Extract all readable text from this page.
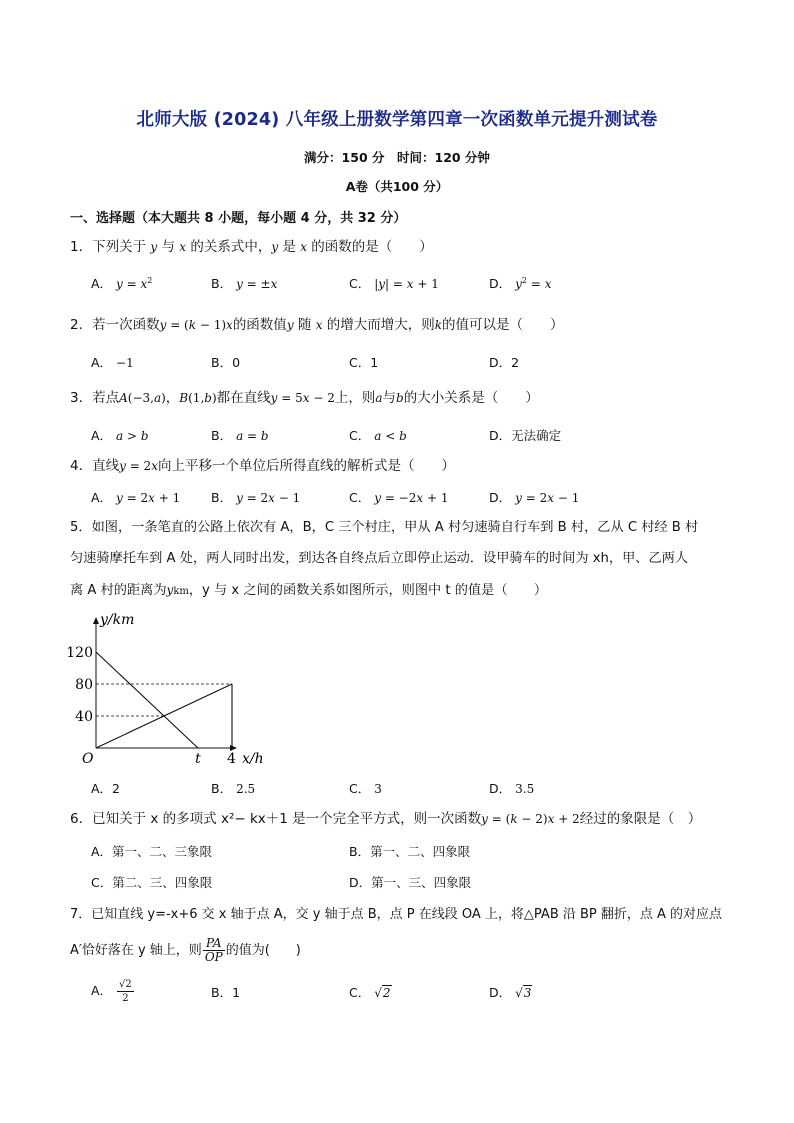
北师大版 (2024) 八年级上册数学第四章一次函数单元提升测试卷
满分：150 分　时间：120 分钟
A卷（共100 分）
一、选择题（本大题共 8 小题，每小题 4 分，共 32 分）
1．下列关于 y 与 x 的关系式中，y 是 x 的函数的是（　　）
A． $y = x^2$	B． y = ±x	C． |y| = x + 1	D． $y^2 = x$
2．若一次函数y = (k − 1)x的函数值y 随 x 的增大而增大，则k的值可以是（　　）
A． −1	B．0	C．1	D．2
3．若点A(−3,a)，B(1,b)都在直线y = 5x − 2上，则a与b的大小关系是（　　）
A． a > b	B． a = b	C． a < b	D．无法确定
4．直线y = 2x向上平移一个单位后所得直线的解析式是（　　）
A． y = 2x + 1 B． y = 2x − 1	C． y = −2x + 1	D． y = 2x − 1
5．如图，一条笔直的公路上依次有 A，B，C 三个村庄，甲从 A 村匀速骑自行车到 B 村，乙从 C 村经 B 村
匀速骑摩托车到 A 处，两人同时出发，到达各自终点后立即停止运动．设甲骑车的时间为 xh，甲、乙两人
离 A 村的距离为ykm，y 与 x 之间的函数关系如图所示，则图中 t 的值是（　　）
120
80
40
t 4 x/h
y/km
O
A．2	B． 2.5	C． 3	D． 3.5
6．已知关于 x 的多项式 x²− kx＋1 是一个完全平方式，则一次函数y = (k − 2)x + 2经过的象限是（　）
A．第一、二、三象限	B．第一、二、四象限
C．第二、三、四象限	D．第一、三、四象限
7．已知直线 y=-x+6 交 x 轴于点 A，交 y 轴于点 B，点 P 在线段 OA 上，将△PAB 沿 BP 翻折，点 A 的对应点
A′恰好落在 y 轴上，则 $\frac{PA}{OP}$ 的值为(　　)
A． $\frac{√2}{2}$	B．1	C． √2	D． √3
